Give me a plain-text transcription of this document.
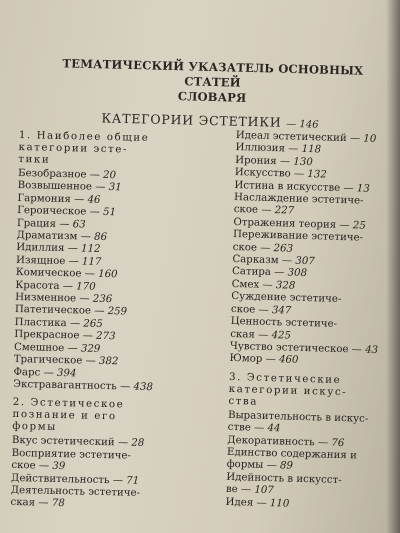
ТЕМАТИЧЕСКИЙ УКАЗАТЕЛЬ ОСНОВНЫХ СТАТЕЙ
СЛОВАРЯ
КАТЕГОРИИ ЭСТЕТИКИ — 146
1. Наиболее общие
категории эсте-
тики
Безобразное — 20
Возвышенное — 31
Гармония — 46
Героическое — 51
Грация — 63
Драматизм — 86
Идиллия — 112
Изящное — 117
Комическое — 160
Красота — 170
Низменное — 236
Патетическое — 259
Пластика — 265
Прекрасное — 273
Смешное — 329
Трагическое — 382
Фарс — 394
Экстравагантность — 438
2. Эстетическое
познание и его
формы
Вкус эстетический — 28
Восприятие эстетиче-
ское — 39
Действительность — 71
Деятельность эстетиче-
ская — 78
Идеал эстетический — 10
Иллюзия — 118
Ирония — 130
Искусство — 132
Истина в искусстве — 13
Наслаждение эстетиче-
ское — 227
Отражения теория — 25
Переживание эстетиче-
ское — 263
Сарказм — 307
Сатира — 308
Смех — 328
Суждение эстетиче-
ское — 347
Ценность эстетиче-
ская — 425
Чувство эстетическое — 43
Юмор — 460
3. Эстетические
категории искус-
ства
Выразительность в искус-
стве — 44
Декоративность — 76
Единство содержания и
формы — 89
Идейность в искусст-
ве — 107
Идея — 110
